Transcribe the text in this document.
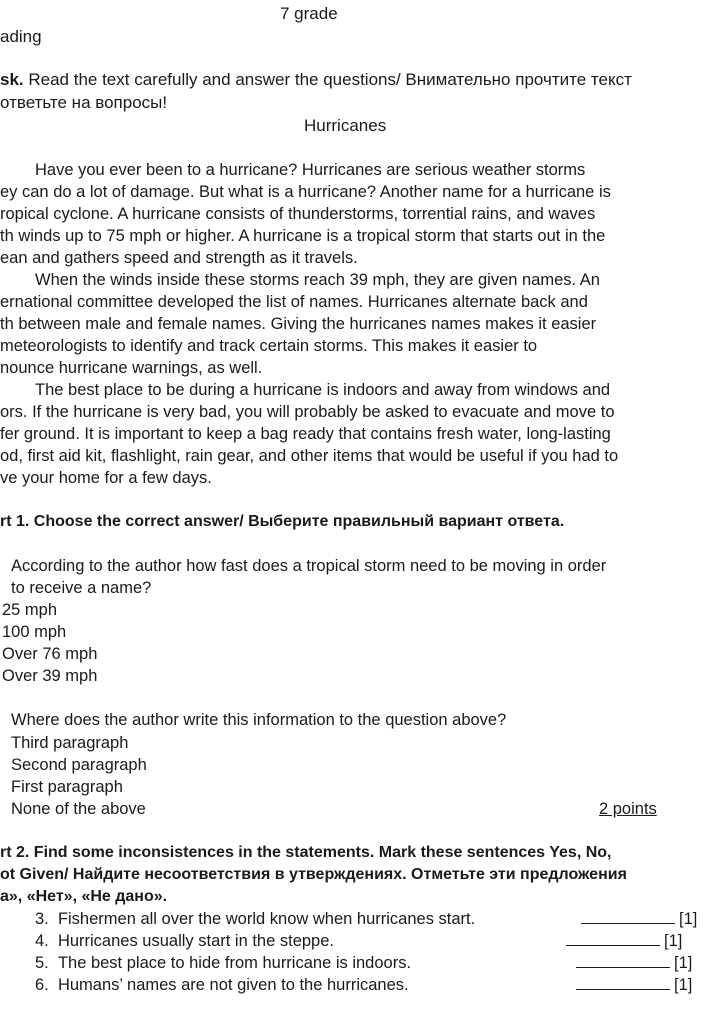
7 grade
ading
sk. Read the text carefully and answer the questions/ Внимательно прочтите текст
ответьте на вопросы!
Hurricanes
Have you ever been to a hurricane? Hurricanes are serious weather storms
ey can do a lot of damage. But what is a hurricane? Another name for a hurricane is
ropical cyclone. A hurricane consists of thunderstorms, torrential rains, and waves
th winds up to 75 mph or higher. A hurricane is a tropical storm that starts out in the
ean and gathers speed and strength as it travels.
When the winds inside these storms reach 39 mph, they are given names. An
ernational committee developed the list of names. Hurricanes alternate back and
th between male and female names. Giving the hurricanes names makes it easier
meteorologists to identify and track certain storms. This makes it easier to
nounce hurricane warnings, as well.
The best place to be during a hurricane is indoors and away from windows and
ors. If the hurricane is very bad, you will probably be asked to evacuate and move to
fer ground. It is important to keep a bag ready that contains fresh water, long-lasting
od, first aid kit, flashlight, rain gear, and other items that would be useful if you had to
ve your home for a few days.
rt 1. Choose the correct answer/ Выберите правильный вариант ответа.
According to the author how fast does a tropical storm need to be moving in order
to receive a name?
25 mph
100 mph
Over 76 mph
Over 39 mph
Where does the author write this information to the question above?
Third paragraph
Second paragraph
First paragraph
None of the above	2 points
rt 2. Find some inconsistences in the statements. Mark these sentences Yes, No,
ot Given/ Найдите несоответствия в утверждениях. Отметьте эти предложения
а», «Нет», «Не дано».
3. Fishermen all over the world know when hurricanes start.	[1]
4. Hurricanes usually start in the steppe.	[1]
5. The best place to hide from hurricane is indoors.	[1]
6. Humans’ names are not given to the hurricanes.	[1]
